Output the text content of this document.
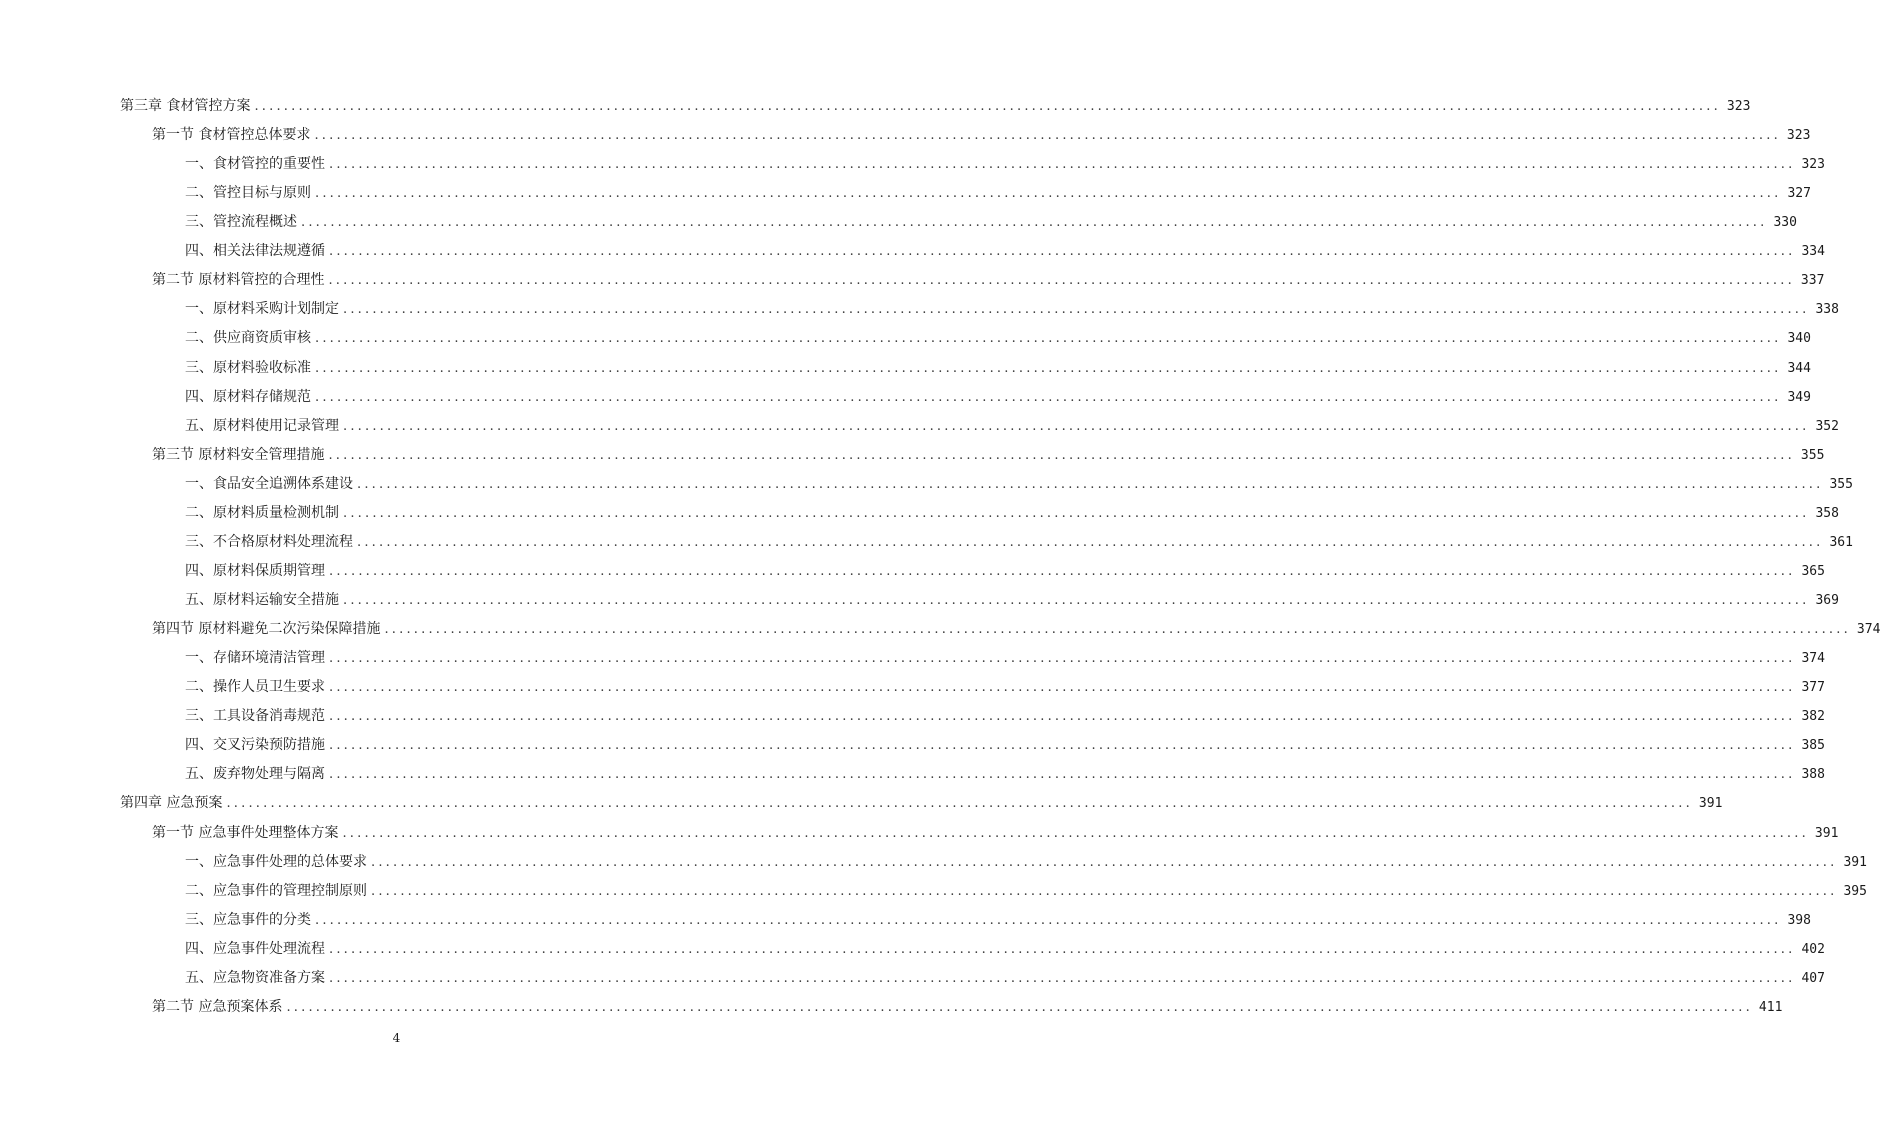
第三章 食材管控方案 ........................................................................................................................................................................................................ 323
第一节 食材管控总体要求 ........................................................................................................................................................................................................ 323
一、食材管控的重要性 ........................................................................................................................................................................................................ 323
二、管控目标与原则 ........................................................................................................................................................................................................ 327
三、管控流程概述 ........................................................................................................................................................................................................ 330
四、相关法律法规遵循 ........................................................................................................................................................................................................ 334
第二节 原材料管控的合理性 ........................................................................................................................................................................................................ 337
一、原材料采购计划制定 ........................................................................................................................................................................................................ 338
二、供应商资质审核 ........................................................................................................................................................................................................ 340
三、原材料验收标准 ........................................................................................................................................................................................................ 344
四、原材料存储规范 ........................................................................................................................................................................................................ 349
五、原材料使用记录管理 ........................................................................................................................................................................................................ 352
第三节 原材料安全管理措施 ........................................................................................................................................................................................................ 355
一、食品安全追溯体系建设 ........................................................................................................................................................................................................ 355
二、原材料质量检测机制 ........................................................................................................................................................................................................ 358
三、不合格原材料处理流程 ........................................................................................................................................................................................................ 361
四、原材料保质期管理 ........................................................................................................................................................................................................ 365
五、原材料运输安全措施 ........................................................................................................................................................................................................ 369
第四节 原材料避免二次污染保障措施 ........................................................................................................................................................................................................ 374
一、存储环境清洁管理 ........................................................................................................................................................................................................ 374
二、操作人员卫生要求 ........................................................................................................................................................................................................ 377
三、工具设备消毒规范 ........................................................................................................................................................................................................ 382
四、交叉污染预防措施 ........................................................................................................................................................................................................ 385
五、废弃物处理与隔离 ........................................................................................................................................................................................................ 388
第四章 应急预案 ........................................................................................................................................................................................................ 391
第一节 应急事件处理整体方案 ........................................................................................................................................................................................................ 391
一、应急事件处理的总体要求 ........................................................................................................................................................................................................ 391
二、应急事件的管理控制原则 ........................................................................................................................................................................................................ 395
三、应急事件的分类 ........................................................................................................................................................................................................ 398
四、应急事件处理流程 ........................................................................................................................................................................................................ 402
五、应急物资准备方案 ........................................................................................................................................................................................................ 407
第二节 应急预案体系 ........................................................................................................................................................................................................ 411
4
